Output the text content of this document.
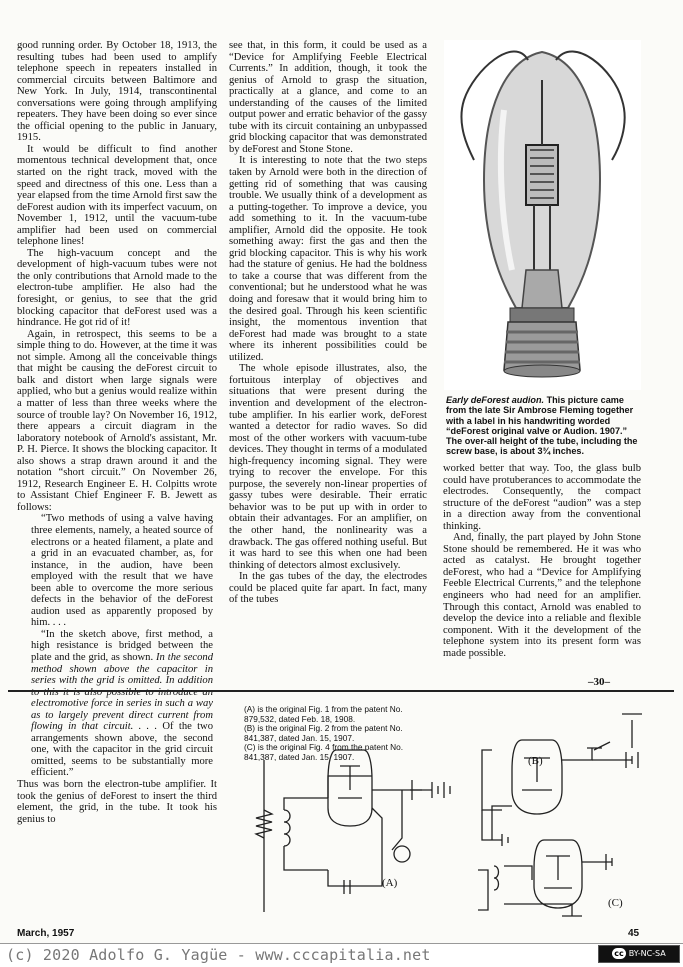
good running order. By October 18, 1913, the resulting tubes had been used to amplify telephone speech in repeaters installed in commercial circuits between Baltimore and New York. In July, 1914, transcontinental conversations were going through amplifying repeaters. They have been doing so ever since the official opening to the public in January, 1915.

It would be difficult to find another momentous technical development that, once started on the right track, moved with the speed and directness of this one. Less than a year elapsed from the time Arnold first saw the deForest audion with its imperfect vacuum, on November 1, 1912, until the vacuum-tube amplifier had been used on commercial telephone lines!

The high-vacuum concept and the development of high-vacuum tubes were not the only contributions that Arnold made to the electron-tube amplifier. He also had the foresight, or genius, to see that the grid blocking capacitor that deForest used was a hindrance. He got rid of it!

Again, in retrospect, this seems to be a simple thing to do. However, at the time it was not simple. Among all the conceivable things that might be causing the deForest circuit to balk and distort when large signals were applied, who but a genius would realize within a matter of less than three weeks where the source of trouble lay? On November 16, 1912, there appears a circuit diagram in the laboratory notebook of Arnold's assistant, Mr. P. H. Pierce. It shows the blocking capacitor. It also shows a strap drawn around it and the notation “short circuit.” On November 26, 1912, Research Engineer E. H. Colpitts wrote to Assistant Chief Engineer F. B. Jewett as follows:

“Two methods of using a valve having three elements, namely, a heated source of electrons or a heated filament, a plate and a grid in an evacuated chamber, as, for instance, in the audion, have been employed with the result that we have been able to overcome the more serious defects in the behavior of the deForest audion used as apparently proposed by him. . . .

“In the sketch above, first method, a high resistance is bridged between the plate and the grid, as shown. In the second method shown above the capacitor in series with the grid is omitted. In addition to this it is also possible to introduce an electromotive force in series in such a way as to largely prevent direct current from flowing in that circuit. . . . Of the two arrangements shown above, the second one, with the capacitor in the grid circuit omitted, seems to be substantially more efficient.”

Thus was born the electron-tube amplifier. It took the genius of deForest to insert the third element, the grid, in the tube. It took his genius to

see that, in this form, it could be used as a “Device for Amplifying Feeble Electrical Currents.” In addition, though, it took the genius of Arnold to grasp the situation, practically at a glance, and come to an understanding of the causes of the limited output power and erratic behavior of the gassy tube with its circuit containing an unbypassed grid blocking capacitor that was demonstrated by deForest and Stone Stone.

It is interesting to note that the two steps taken by Arnold were both in the direction of getting rid of something that was causing trouble. We usually think of a development as a putting-together. To improve a device, you add something to it. In the vacuum-tube amplifier, Arnold did the opposite. He took something away: first the gas and then the grid blocking capacitor. This is why his work had the stature of genius. He had the boldness to take a course that was different from the conventional; but he understood what he was doing and foresaw that it would bring him to the desired goal. Through his keen scientific insight, the momentous invention that deForest had made was brought to a state where its inherent possibilities could be utilized.

The whole episode illustrates, also, the fortuitous interplay of objectives and situations that were present during the invention and development of the electron-tube amplifier. In his earlier work, deForest wanted a detector for radio waves. So did most of the other workers with vacuum-tube devices. They thought in terms of a modulated high-frequency incoming signal. They were trying to recover the envelope. For this purpose, the severely non-linear properties of gassy tubes were desirable. Their erratic behavior was to be put up with in order to obtain their advantages. For an amplifier, on the other hand, the nonlinearity was a drawback. The gas offered nothing useful. But it was hard to see this when one had been thinking of detectors almost exclusively.

In the gas tubes of the day, the electrodes could be placed quite far apart. In fact, many of the tubes

Early deForest audion. This picture came from the late Sir Ambrose Fleming together with a label in his handwriting worded “deForest original valve or Audion. 1907.” The over-all height of the tube, including the screw base, is about 3¾ inches.

worked better that way. Too, the glass bulb could have protuberances to accommodate the electrodes. Consequently, the compact structure of the deForest “audion” was a step in a direction away from the conventional thinking.

And, finally, the part played by John Stone Stone should be remembered. He it was who acted as catalyst. He brought together deForest, who had a “Device for Amplifying Feeble Electrical Currents,” and the telephone engineers who had need for an amplifier. Through this contact, Arnold was enabled to develop the device into a reliable and flexible component. With it the development of the telephone system into its present form was made possible.

–30–
(A) is the original Fig. 1 from the patent No. 879,532, dated Feb. 18, 1908.
(B) is the original Fig. 2 from the patent No. 841,387, dated Jan. 15, 1907.
(C) is the original Fig. 4 from the patent No. 841,387, dated Jan. 15, 1907.
(A)
(B)
(C)
March, 1957	45
(c) 2020 Adolfo G. Yagüe - www.cccapitalia.net	cc BY-NC-SA
